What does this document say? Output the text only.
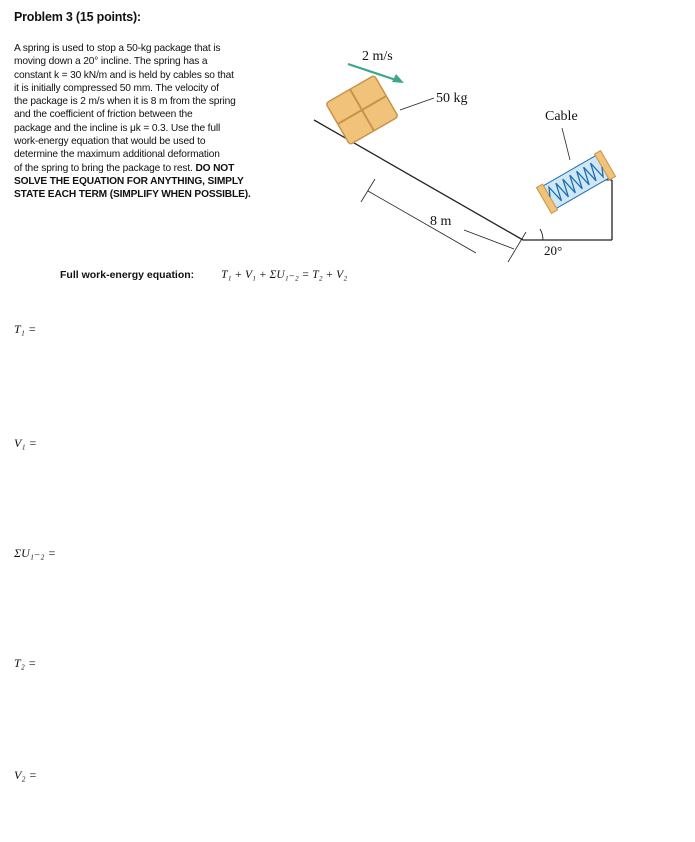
Problem 3 (15 points):
A spring is used to stop a 50-kg package that is
moving down a 20° incline. The spring has a
constant k = 30 kN/m and is held by cables so that
it is initially compressed 50 mm. The velocity of
the package is 2 m/s when it is 8 m from the spring
and the coefficient of friction between the
package and the incline is μk = 0.3. Use the full
work-energy equation that would be used to
determine the maximum additional deformation
of the spring to bring the package to rest. DO NOT
SOLVE THE EQUATION FOR ANYTHING, SIMPLY
STATE EACH TERM (SIMPLIFY WHEN POSSIBLE).
Full work-energy equation: T₁ + V₁ + ΣU₁₋₂ = T₂ + V₂
2 m/s
50 kg
Cable
8 m
20°
T₁ =
V₁ =
ΣU₁₋₂ =
T₂ =
V₂ =
